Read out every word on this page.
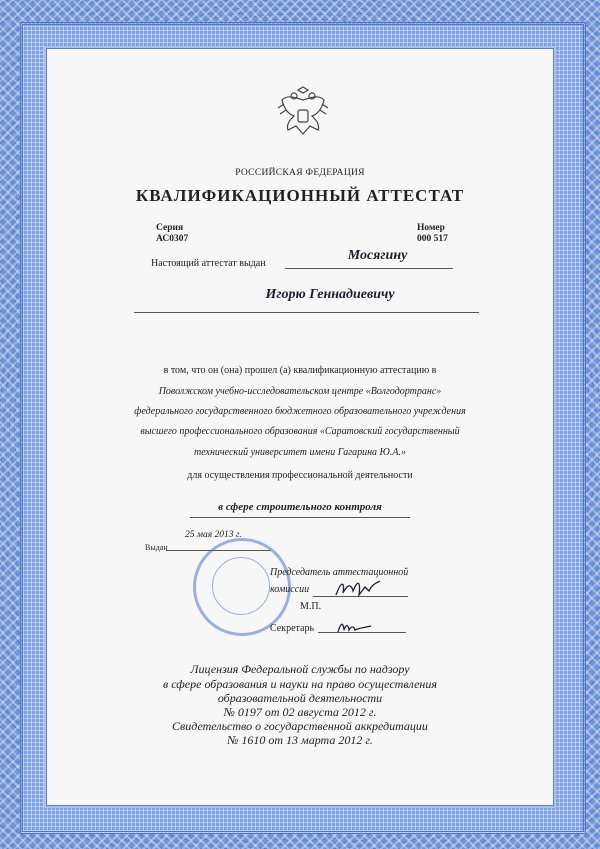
РОССИЙСКАЯ ФЕДЕРАЦИЯ
КВАЛИФИКАЦИОННЫЙ АТТЕСТАТ
Серия
АС0307
Номер
000 517
Настоящий аттестат выдан
Мосягину
Игорю Геннадиевичу
в том, что он (она) прошел (а) квалификационную аттестацию в
Поволжском учебно-исследовательском центре «Волгодортранс»
федерального государственного бюджетного образовательного учреждения
высшего профессионального образования «Саратовский государственный
технический университет имени Гагарина Ю.А.»
для осуществления профессиональной деятельности
в сфере строительного контроля
25 мая 2013 г.
Выдан
Председатель аттестационной
комиссии
М.П.
Секретарь
Лицензия Федеральной службы по надзору
в сфере образования и науки на право осуществления
образовательной деятельности
№ 0197 от 02 августа 2012 г.
Свидетельство о государственной аккредитации
№ 1610 от 13 марта 2012 г.
